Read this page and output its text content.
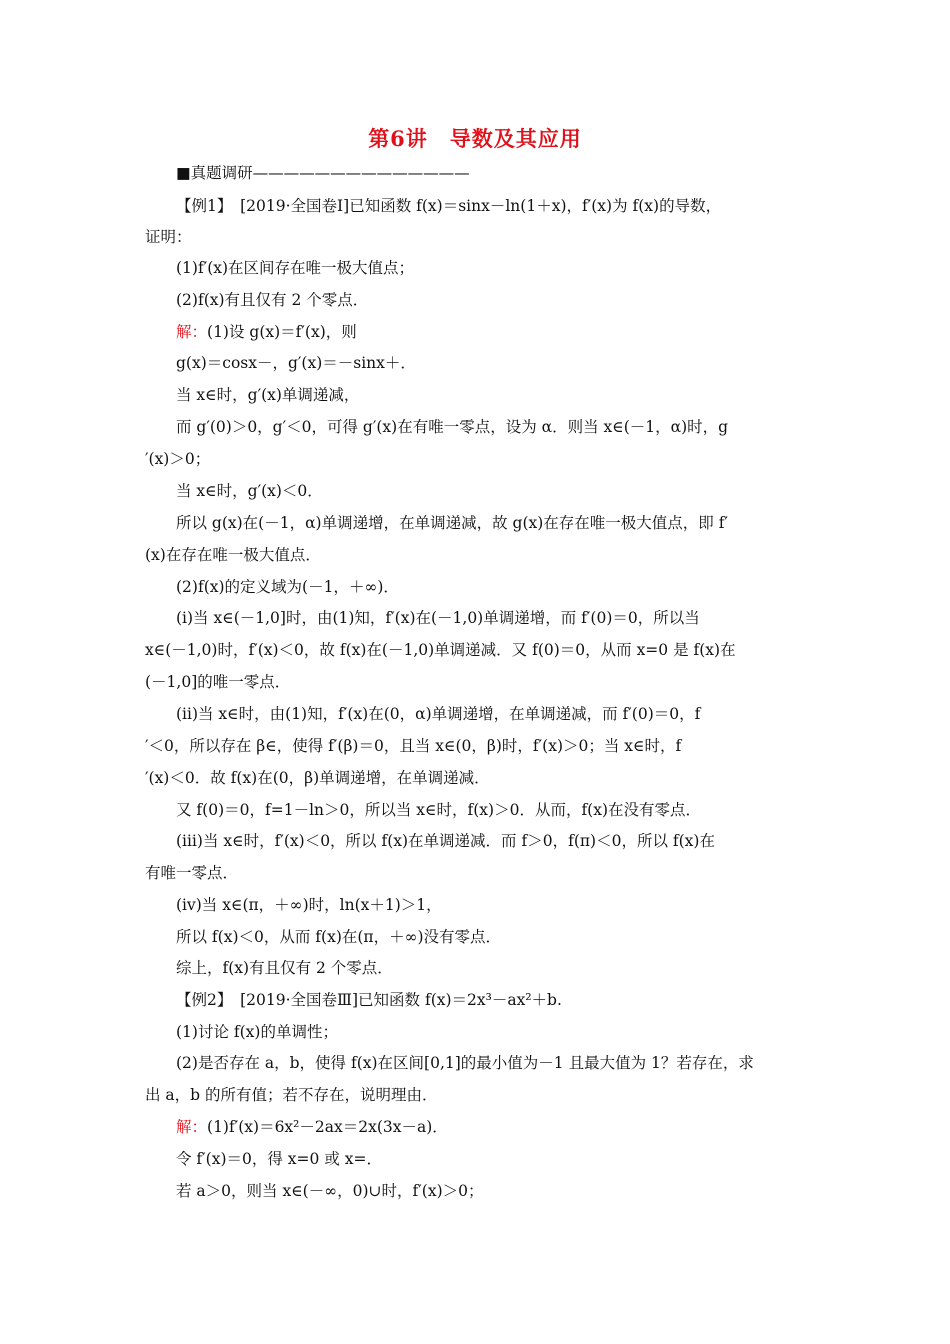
第6讲　导数及其应用
■真题调研——————————————
【例1】　[2019·全国卷Ⅰ]已知函数 f(x)＝sinx－ln(1＋x)，f′(x)为 f(x)的导数，
证明：
(1)f′(x)在区间存在唯一极大值点；
(2)f(x)有且仅有 2 个零点．
解：(1)设 g(x)＝f′(x)，则
g(x)＝cosx－，g′(x)＝－sinx＋．
当 x∈时，g′(x)单调递减，
而 g′(0)＞0，g′＜0，可得 g′(x)在有唯一零点，设为 α．则当 x∈(－1，α)时，g
′(x)＞0；
当 x∈时，g′(x)＜0．
所以 g(x)在(－1，α)单调递增，在单调递减，故 g(x)在存在唯一极大值点，即 f′
(x)在存在唯一极大值点．
(2)f(x)的定义域为(－1，＋∞)．
(ⅰ)当 x∈(－1,0]时，由(1)知，f′(x)在(－1,0)单调递增，而 f′(0)＝0，所以当
x∈(－1,0)时，f′(x)＜0，故 f(x)在(－1,0)单调递减．又 f(0)＝0，从而 x=0 是 f(x)在
(－1,0]的唯一零点．
(ⅱ)当 x∈时，由(1)知，f′(x)在(0，α)单调递增，在单调递减，而 f′(0)＝0，f
′＜0，所以存在 β∈，使得 f′(β)＝0，且当 x∈(0，β)时，f′(x)＞0；当 x∈时，f
′(x)＜0．故 f(x)在(0，β)单调递增，在单调递减．
又 f(0)＝0，f=1－ln＞0，所以当 x∈时，f(x)＞0．从而，f(x)在没有零点．
(ⅲ)当 x∈时，f′(x)＜0，所以 f(x)在单调递减．而 f＞0，f(π)＜0，所以 f(x)在
有唯一零点．
(ⅳ)当 x∈(π，＋∞)时，ln(x＋1)＞1，
所以 f(x)＜0，从而 f(x)在(π，＋∞)没有零点．
综上，f(x)有且仅有 2 个零点．
【例2】　[2019·全国卷Ⅲ]已知函数 f(x)＝2x³－ax²＋b.
(1)讨论 f(x)的单调性；
(2)是否存在 a，b，使得 f(x)在区间[0,1]的最小值为－1 且最大值为 1？若存在，求
出 a，b 的所有值；若不存在，说明理由．
解：(1)f′(x)＝6x²－2ax＝2x(3x－a)．
令 f′(x)＝0，得 x=0 或 x=．
若 a＞0，则当 x∈(－∞，0)∪时，f′(x)＞0；
